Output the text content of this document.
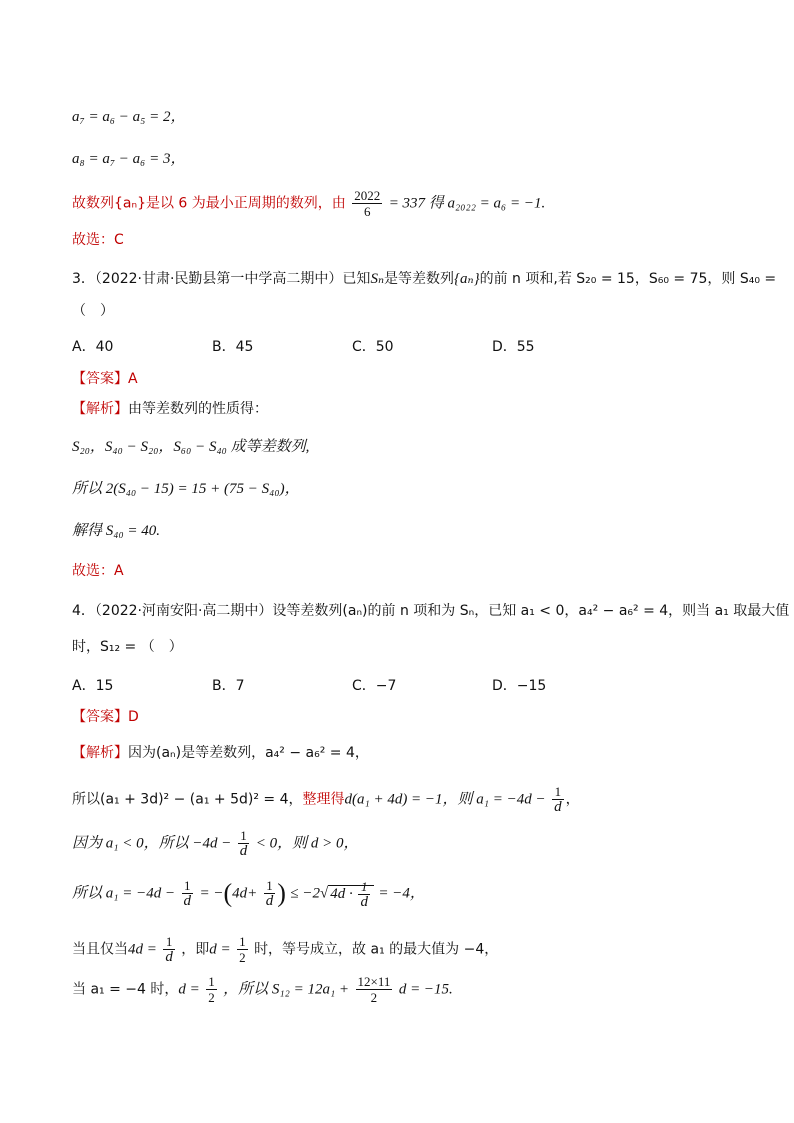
a₇ = a₆ − a₅ = 2，
a₈ = a₇ − a₆ = 3，
故数列{aₙ}是以 6 为最小正周期的数列，由 $\frac{2022}{6} = 337$ 得 a₂₀₂₂ = a₆ = −1.
故选：C
3．（2022·甘肃·民勤县第一中学高二期中）已知Sₙ是等差数列{aₙ}的前 n 项和,若 S₂₀ = 15，S₆₀ = 75，则 S₄₀ =
（　）
A．40	B．45	C．50	D．55
【答案】A
【解析】由等差数列的性质得：
S₂₀，S₄₀ − S₂₀，S₆₀ − S₄₀ 成等差数列,
所以 2(S₄₀ − 15) = 15 + (75 − S₄₀)，
解得 S₄₀ = 40.
故选：A
4．（2022·河南安阳·高二期中）设等差数列(aₙ)的前 n 项和为 Sₙ，已知 a₁ < 0，a₄² − a₆² = 4，则当 a₁ 取最大值
时，S₁₂ = （　）
A．15	B．7	C．−7	D．−15
【答案】D
【解析】因为(aₙ)是等差数列，a₄² − a₆² = 4，
所以(a₁ + 3d)² − (a₁ + 5d)² = 4，整理得d(a₁ + 4d) = −1，则 $a_1 = -4d - \frac{1}{d}$ ，
因为 a₁ < 0，所以 $-4d - \frac{1}{d} < 0$，则 d > 0，
所以 $a_1 = -4d - \frac{1}{d} = -(4d+ \frac{1}{d}$ ) ≤ −2√ $4d \cdot \frac{1}{d} = -4$，
当且仅当$4d = \frac{1}{d}$ ，即$d = \frac{1}{2}$ 时，等号成立，故 a₁ 的最大值为 −4，
当 a₁ = −4 时，$d = \frac{1}{2}$ ，所以 $S_{12} = 12a_1 + \frac{12\times 11}{2}$ d = −15.
